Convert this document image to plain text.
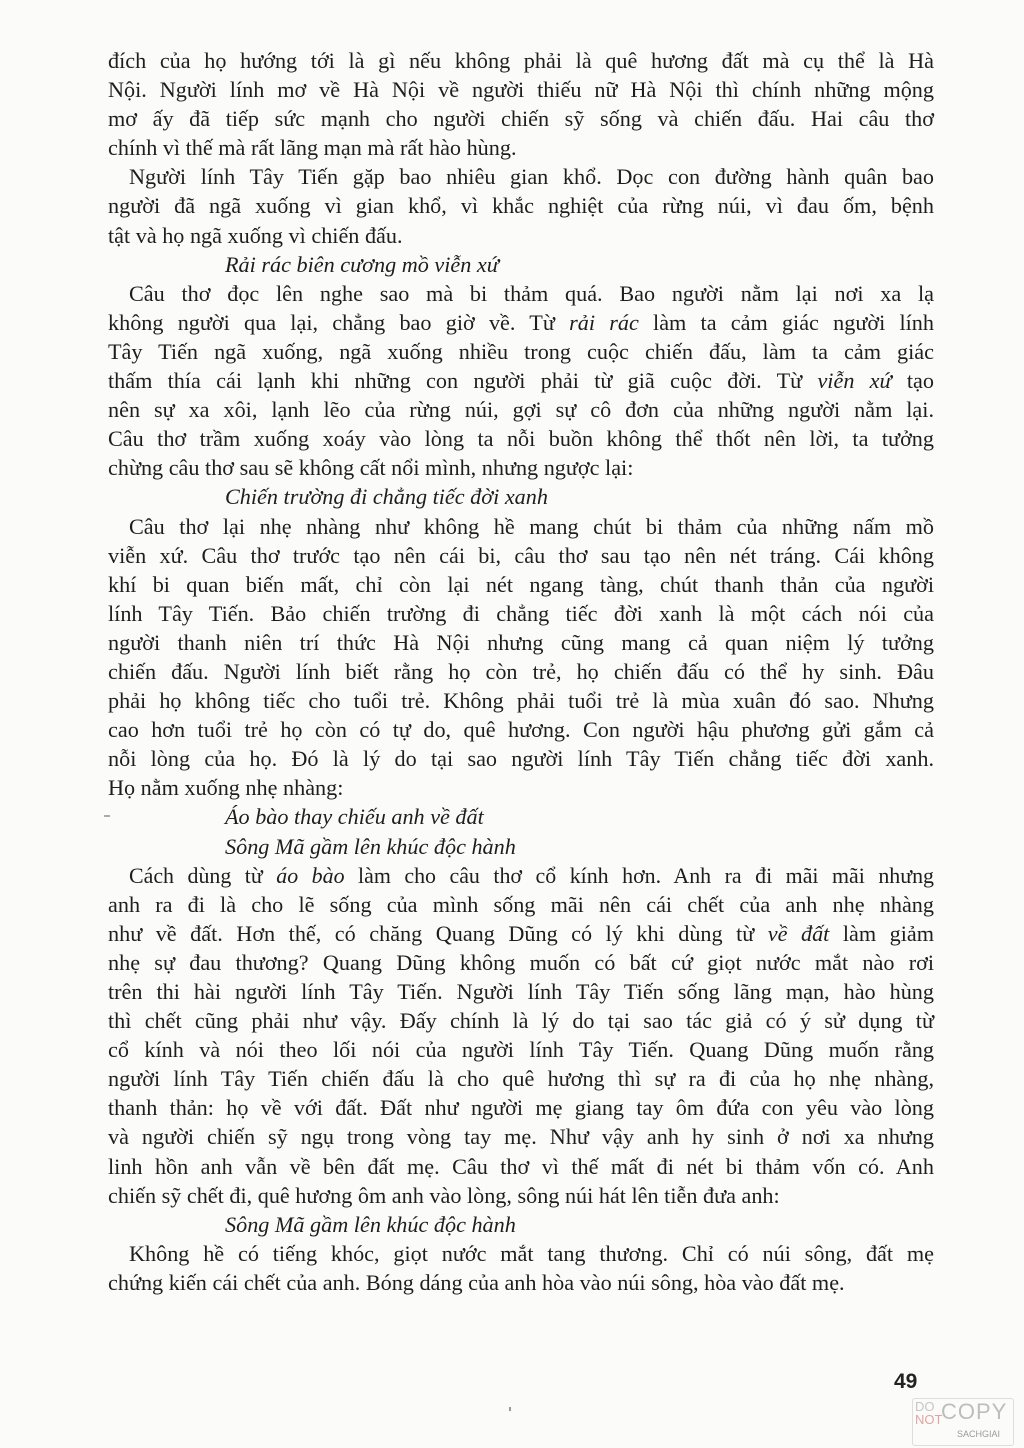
đích của họ hướng tới là gì nếu không phải là quê hương đất mà cụ thể là Hà
Nội. Người lính mơ về Hà Nội về người thiếu nữ Hà Nội thì chính những mộng
mơ ấy đã tiếp sức mạnh cho người chiến sỹ sống và chiến đấu. Hai câu thơ
chính vì thế mà rất lãng mạn mà rất hào hùng.
Người lính Tây Tiến gặp bao nhiêu gian khổ. Dọc con đường hành quân bao
người đã ngã xuống vì gian khổ, vì khắc nghiệt của rừng núi, vì đau ốm, bệnh
tật và họ ngã xuống vì chiến đấu.
Rải rác biên cương mồ viễn xứ
Câu thơ đọc lên nghe sao mà bi thảm quá. Bao người nằm lại nơi xa lạ
không người qua lại, chẳng bao giờ về. Từ rải rác làm ta cảm giác người lính
Tây Tiến ngã xuống, ngã xuống nhiều trong cuộc chiến đấu, làm ta cảm giác
thấm thía cái lạnh khi những con người phải từ giã cuộc đời. Từ viễn xứ tạo
nên sự xa xôi, lạnh lẽo của rừng núi, gợi sự cô đơn của những người nằm lại.
Câu thơ trầm xuống xoáy vào lòng ta nỗi buồn không thể thốt nên lời, ta tưởng
chừng câu thơ sau sẽ không cất nổi mình, nhưng ngược lại:
Chiến trường đi chẳng tiếc đời xanh
Câu thơ lại nhẹ nhàng như không hề mang chút bi thảm của những nấm mồ
viễn xứ. Câu thơ trước tạo nên cái bi, câu thơ sau tạo nên nét tráng. Cái không
khí bi quan biến mất, chỉ còn lại nét ngang tàng, chút thanh thản của người
lính Tây Tiến. Bảo chiến trường đi chẳng tiếc đời xanh là một cách nói của
người thanh niên trí thức Hà Nội nhưng cũng mang cả quan niệm lý tưởng
chiến đấu. Người lính biết rằng họ còn trẻ, họ chiến đấu có thể hy sinh. Đâu
phải họ không tiếc cho tuổi trẻ. Không phải tuổi trẻ là mùa xuân đó sao. Nhưng
cao hơn tuổi trẻ họ còn có tự do, quê hương. Con người hậu phương gửi gắm cả
nỗi lòng của họ. Đó là lý do tại sao người lính Tây Tiến chẳng tiếc đời xanh.
Họ nằm xuống nhẹ nhàng:
Áo bào thay chiếu anh về đất
Sông Mã gầm lên khúc độc hành
Cách dùng từ áo bào làm cho câu thơ cổ kính hơn. Anh ra đi mãi mãi nhưng
anh ra đi là cho lẽ sống của mình sống mãi nên cái chết của anh nhẹ nhàng
như về đất. Hơn thế, có chăng Quang Dũng có lý khi dùng từ về đất làm giảm
nhẹ sự đau thương? Quang Dũng không muốn có bất cứ giọt nước mắt nào rơi
trên thi hài người lính Tây Tiến. Người lính Tây Tiến sống lãng mạn, hào hùng
thì chết cũng phải như vậy. Đấy chính là lý do tại sao tác giả có ý sử dụng từ
cổ kính và nói theo lối nói của người lính Tây Tiến. Quang Dũng muốn rằng
người lính Tây Tiến chiến đấu là cho quê hương thì sự ra đi của họ nhẹ nhàng,
thanh thản: họ về với đất. Đất như người mẹ giang tay ôm đứa con yêu vào lòng
và người chiến sỹ ngụ trong vòng tay mẹ. Như vậy anh hy sinh ở nơi xa nhưng
linh hồn anh vẫn về bên đất mẹ. Câu thơ vì thế mất đi nét bi thảm vốn có. Anh
chiến sỹ chết đi, quê hương ôm anh vào lòng, sông núi hát lên tiễn đưa anh:
Sông Mã gầm lên khúc độc hành
Không hề có tiếng khóc, giọt nước mắt tang thương. Chỉ có núi sông, đất mẹ
chứng kiến cái chết của anh. Bóng dáng của anh hòa vào núi sông, hòa vào đất mẹ.
49
DO
NOT
COPY
SACHGIAI
